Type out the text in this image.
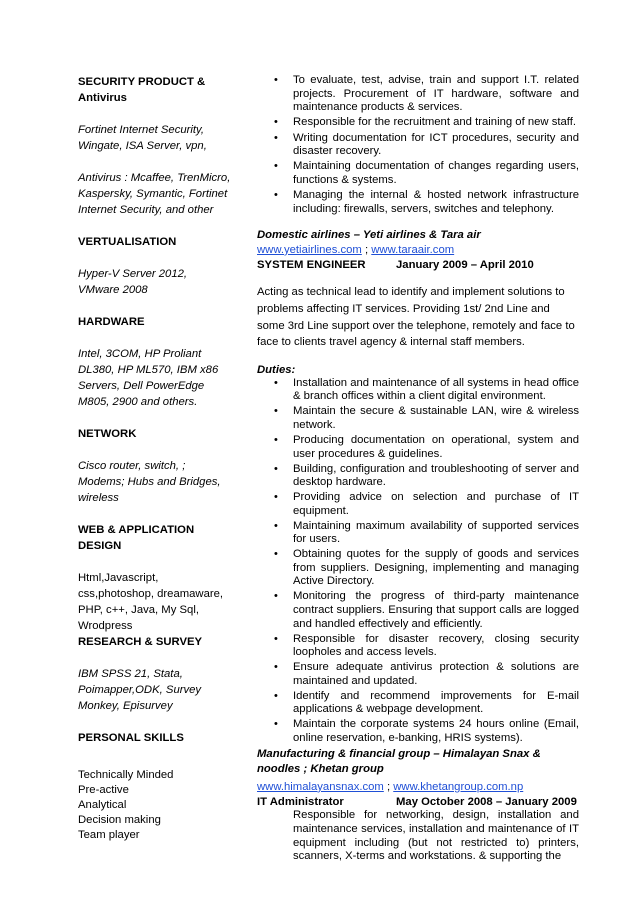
SECURITY PRODUCT & Antivirus

Fortinet Internet Security, Wingate, ISA Server, vpn,

Antivirus : Mcaffee, TrenMicro, Kaspersky, Symantic, Fortinet Internet Security, and other

VERTUALISATION

Hyper-V Server 2012, VMware 2008

HARDWARE

Intel, 3COM, HP Proliant DL380, HP ML570, IBM x86 Servers, Dell PowerEdge M805, 2900 and others.

NETWORK

Cisco router, switch, ; Modems; Hubs and Bridges, wireless

WEB & APPLICATION DESIGN

Html,Javascript, css,photoshop, dreamaware, PHP, c++, Java, My Sql, Wrodpress

RESEARCH & SURVEY

IBM SPSS 21, Stata, Poimapper,ODK, Survey Monkey, Episurvey

PERSONAL SKILLS

Technically Minded

Pre-active

Analytical

Decision making

Team player

• To evaluate, test, advise, train and support I.T. related projects. Procurement of IT hardware, software and maintenance products & services.
• Responsible for the recruitment and training of new staff.
• Writing documentation for ICT procedures, security and disaster recovery.
• Maintaining documentation of changes regarding users, functions & systems.
• Managing the internal & hosted network infrastructure including: firewalls, servers, switches and telephony.

Domestic airlines – Yeti airlines & Tara air

www.yetiairlines.com ; www.taraair.com

SYSTEM ENGINEER	January 2009 – April 2010

Acting as technical lead to identify and implement solutions to problems affecting IT services. Providing 1st/ 2nd Line and some 3rd Line support over the telephone, remotely and face to face to clients travel agency & internal staff members.

Duties:

• Installation and maintenance of all systems in head office & branch offices within a client digital environment.
• Maintain the secure & sustainable LAN, wire & wireless network.
• Producing documentation on operational, system and user procedures & guidelines.
• Building, configuration and troubleshooting of server and desktop hardware.
• Providing advice on selection and purchase of IT equipment.
• Maintaining maximum availability of supported services for users.
• Obtaining quotes for the supply of goods and services from suppliers. Designing, implementing and managing Active Directory.
• Monitoring the progress of third-party maintenance contract suppliers. Ensuring that support calls are logged and handled effectively and efficiently.
• Responsible for disaster recovery, closing security loopholes and access levels.
• Ensure adequate antivirus protection & solutions are maintained and updated.
• Identify and recommend improvements for E-mail applications & webpage development.
• Maintain the corporate systems 24 hours online (Email, online reservation, e-banking, HRIS systems).

Manufacturing & financial group – Himalayan Snax & noodles ; Khetan group

www.himalayansnax.com ; www.khetangroup.com.np

IT Administrator	May October 2008 – January 2009

Responsible for networking, design, installation and maintenance services, installation and maintenance of IT equipment including (but not restricted to) printers, scanners, X-terms and workstations. & supporting the
